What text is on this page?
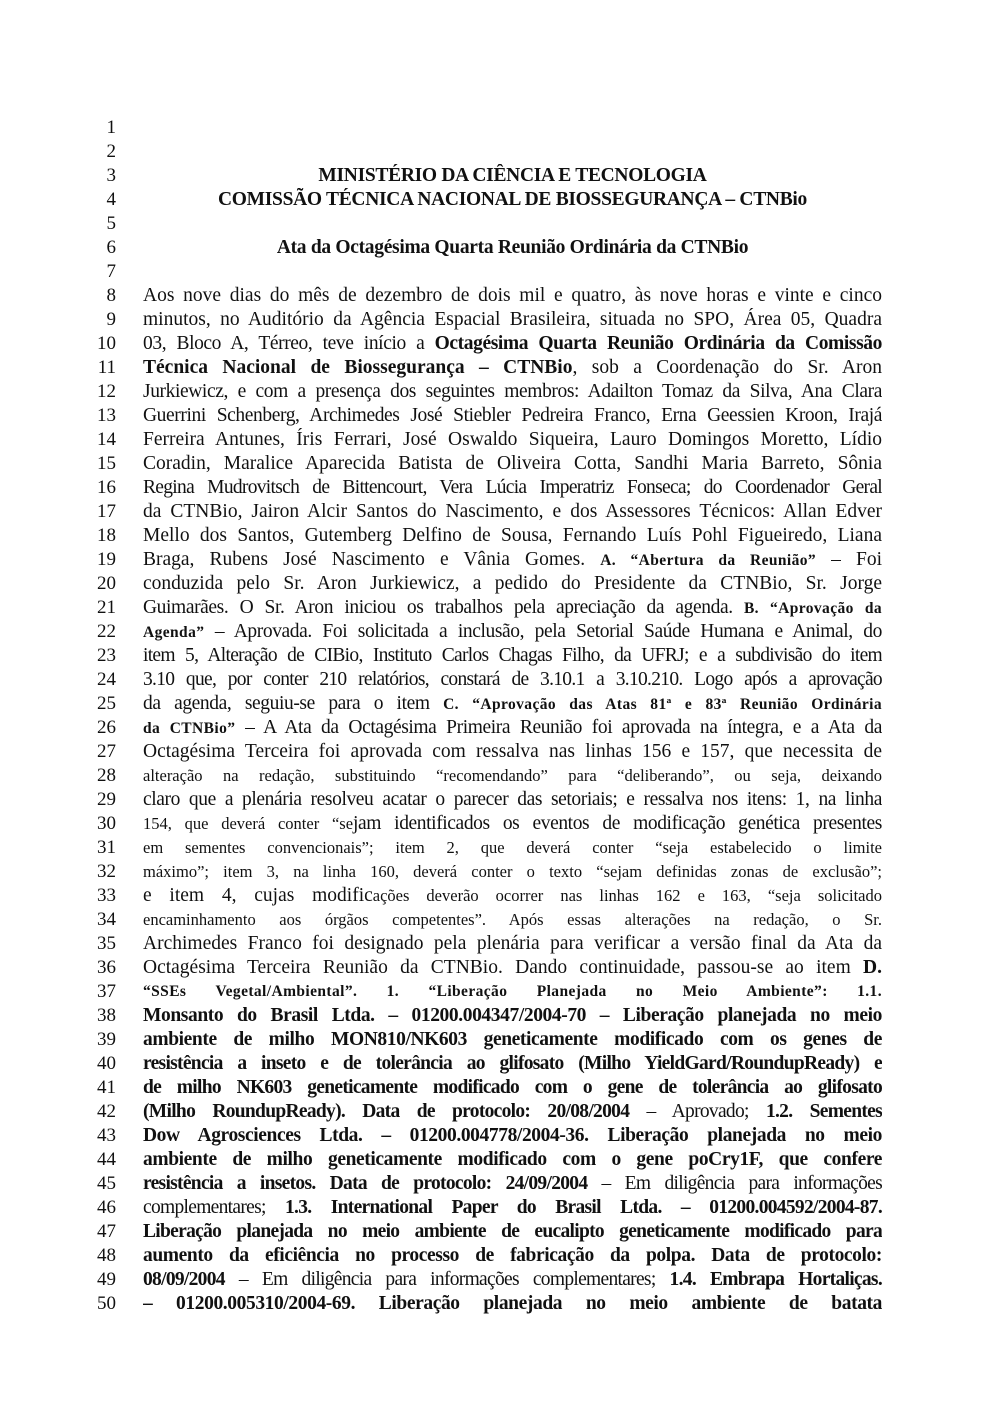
1
2
3
4
5
6
7
8
9
10
11
12
13
14
15
16
17
18
19
20
21
22
23
24
25
26
27
28
29
30
31
32
33
34
35
36
37
38
39
40
41
42
43
44
45
46
47
48
49
50
MINISTÉRIO DA CIÊNCIA E TECNOLOGIA
COMISSÃO TÉCNICA NACIONAL DE BIOSSEGURANÇA – CTNBio
Ata da Octagésima Quarta Reunião Ordinária da CTNBio
Aos nove dias do mês de dezembro de dois mil e quatro, às nove horas e vinte e cinco
minutos, no Auditório da Agência Espacial Brasileira, situada no SPO, Área 05, Quadra
03, Bloco A, Térreo, teve início a Octagésima Quarta Reunião Ordinária da Comissão
Técnica Nacional de Biossegurança – CTNBio, sob a Coordenação do Sr. Aron
Jurkiewicz, e com a presença dos seguintes membros: Adailton Tomaz da Silva, Ana Clara
Guerrini Schenberg, Archimedes José Stiebler Pedreira Franco, Erna Geessien Kroon, Irajá
Ferreira Antunes, Íris Ferrari, José Oswaldo Siqueira, Lauro Domingos Moretto, Lídio
Coradin, Maralice Aparecida Batista de Oliveira Cotta, Sandhi Maria Barreto, Sônia
Regina Mudrovitsch de Bittencourt, Vera Lúcia Imperatriz Fonseca; do Coordenador Geral
da CTNBio, Jairon Alcir Santos do Nascimento, e dos Assessores Técnicos: Allan Edver
Mello dos Santos, Gutemberg Delfino de Sousa, Fernando Luís Pohl Figueiredo, Liana
Braga, Rubens José Nascimento e Vânia Gomes. A. “Abertura da Reunião” – Foi
conduzida pelo Sr. Aron Jurkiewicz, a pedido do Presidente da CTNBio, Sr. Jorge
Guimarães. O Sr. Aron iniciou os trabalhos pela apreciação da agenda. B. “Aprovação da
Agenda” – Aprovada. Foi solicitada a inclusão, pela Setorial Saúde Humana e Animal, do
item 5, Alteração de CIBio, Instituto Carlos Chagas Filho, da UFRJ; e a subdivisão do item
3.10 que, por conter 210 relatórios, constará de 3.10.1 a 3.10.210. Logo após a aprovação
da agenda, seguiu-se para o item C. “Aprovação das Atas 81ª e 83ª Reunião Ordinária
da CTNBio” – A Ata da Octagésima Primeira Reunião foi aprovada na íntegra, e a Ata da
Octagésima Terceira foi aprovada com ressalva nas linhas 156 e 157, que necessita de
alteração na redação, substituindo “recomendando” para “deliberando”, ou seja, deixando
claro que a plenária resolveu acatar o parecer das setoriais; e ressalva nos itens: 1, na linha
154, que deverá conter “sejam identificados os eventos de modificação genética presentes
em sementes convencionais”; item 2, que deverá conter “seja estabelecido o limite
máximo”; item 3, na linha 160, deverá conter o texto “sejam definidas zonas de exclusão”;
e item 4, cujas modificações deverão ocorrer nas linhas 162 e 163, “seja solicitado
encaminhamento aos órgãos competentes”. Após essas alterações na redação, o Sr.
Archimedes Franco foi designado pela plenária para verificar a versão final da Ata da
Octagésima Terceira Reunião da CTNBio. Dando continuidade, passou-se ao item D.
“SSEs Vegetal/Ambiental”. 1. “Liberação Planejada no Meio Ambiente”: 1.1.
Monsanto do Brasil Ltda. – 01200.004347/2004-70 – Liberação planejada no meio
ambiente de milho MON810/NK603 geneticamente modificado com os genes de
resistência a inseto e de tolerância ao glifosato (Milho YieldGard/RoundupReady) e
de milho NK603 geneticamente modificado com o gene de tolerância ao glifosato
(Milho RoundupReady). Data de protocolo: 20/08/2004 – Aprovado; 1.2. Sementes
Dow Agrosciences Ltda. – 01200.004778/2004-36. Liberação planejada no meio
ambiente de milho geneticamente modificado com o gene poCry1F, que confere
resistência a insetos. Data de protocolo: 24/09/2004 – Em diligência para informações
complementares; 1.3. International Paper do Brasil Ltda. – 01200.004592/2004-87.
Liberação planejada no meio ambiente de eucalipto geneticamente modificado para
aumento da eficiência no processo de fabricação da polpa. Data de protocolo:
08/09/2004 – Em diligência para informações complementares; 1.4. Embrapa Hortaliças.
– 01200.005310/2004-69. Liberação planejada no meio ambiente de batata
